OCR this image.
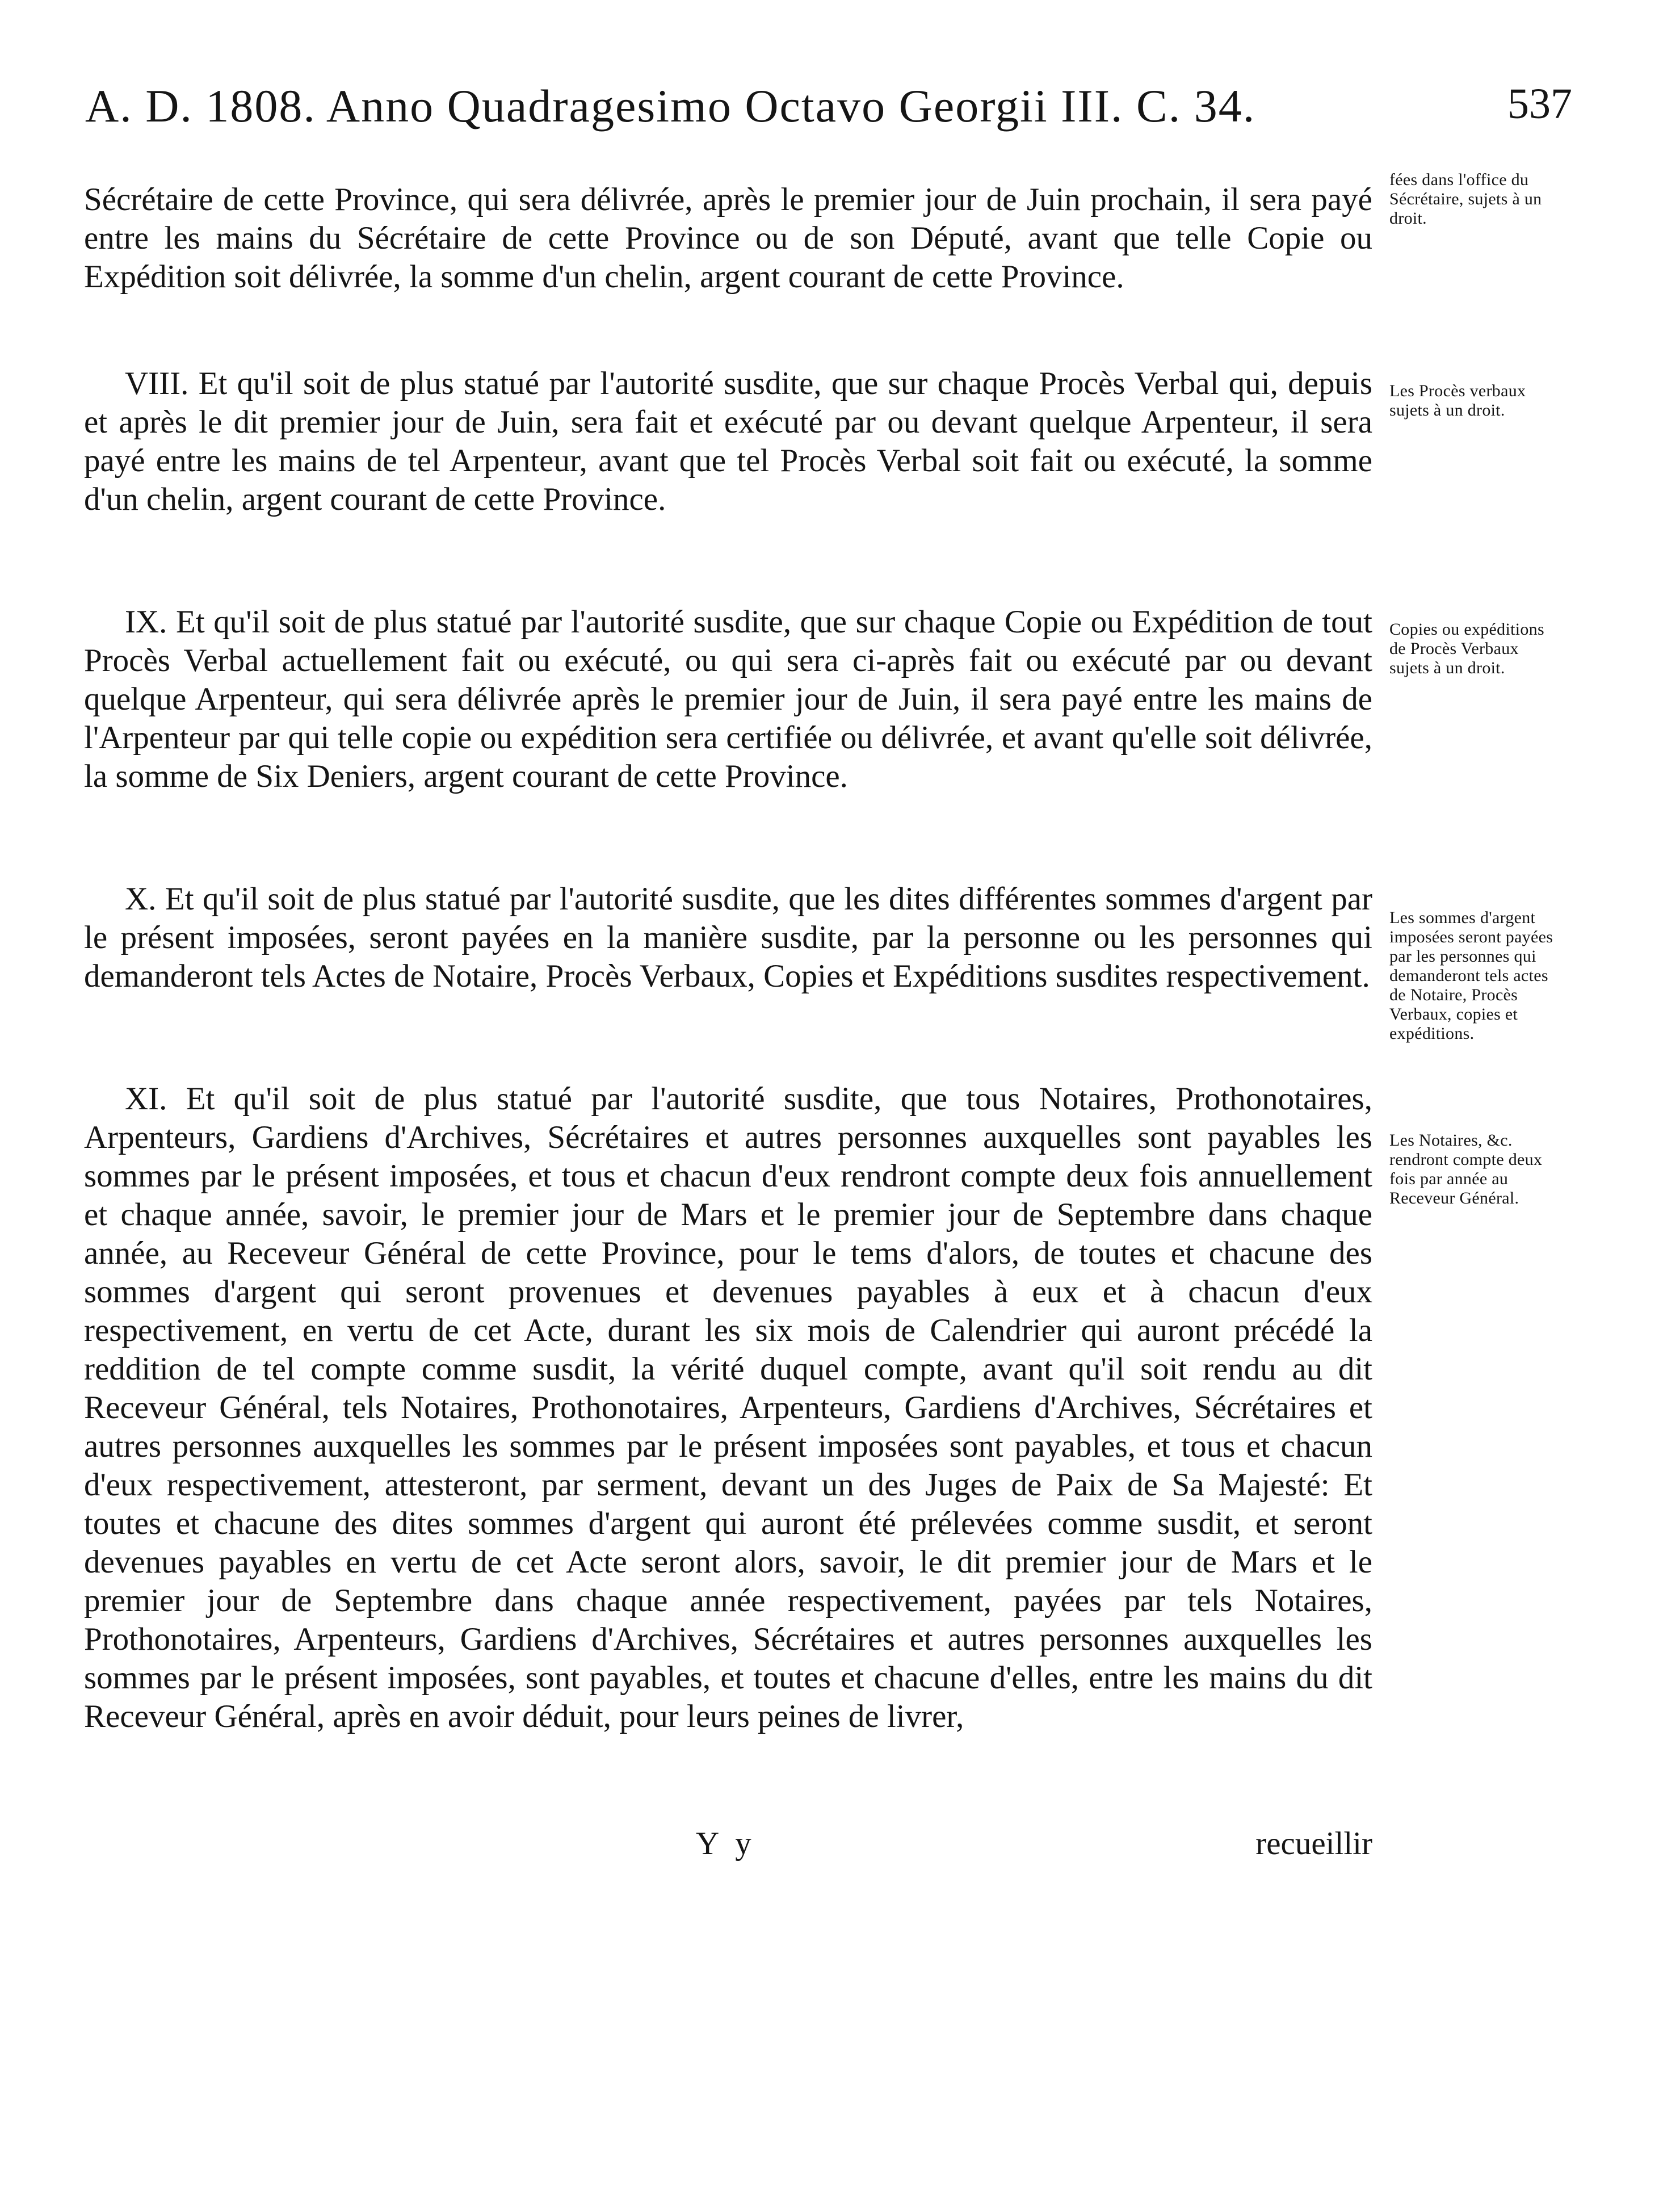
A. D. 1808. Anno Quadragesimo Octavo Georgii III. C. 34.	537

Sécrétaire de cette Province, qui sera délivrée, après le premier jour de Juin prochain, il sera payé entre les mains du Sécrétaire de cette Province ou de son Député, avant que telle Copie ou Expédition soit délivrée, la somme d'un chelin, argent courant de cette Province.

VIII. Et qu'il soit de plus statué par l'autorité susdite, que sur chaque Procès Verbal qui, depuis et après le dit premier jour de Juin, sera fait et exécuté par ou devant quelque Arpenteur, il sera payé entre les mains de tel Arpenteur, avant que tel Procès Verbal soit fait ou exécuté, la somme d'un chelin, argent courant de cette Province.

IX. Et qu'il soit de plus statué par l'autorité susdite, que sur chaque Copie ou Expédition de tout Procès Verbal actuellement fait ou exécuté, ou qui sera ci-après fait ou exécuté par ou devant quelque Arpenteur, qui sera délivrée après le premier jour de Juin, il sera payé entre les mains de l'Arpenteur par qui telle copie ou expédition sera certifiée ou délivrée, et avant qu'elle soit délivrée, la somme de Six Deniers, argent courant de cette Province.

X. Et qu'il soit de plus statué par l'autorité susdite, que les dites différentes sommes d'argent par le présent imposées, seront payées en la manière susdite, par la personne ou les personnes qui demanderont tels Actes de Notaire, Procès Verbaux, Copies et Expéditions susdites respectivement.

XI. Et qu'il soit de plus statué par l'autorité susdite, que tous Notaires, Prothonotaires, Arpenteurs, Gardiens d'Archives, Sécrétaires et autres personnes auxquelles sont payables les sommes par le présent imposées, et tous et chacun d'eux rendront compte deux fois annuellement et chaque année, savoir, le premier jour de Mars et le premier jour de Septembre dans chaque année, au Receveur Général de cette Province, pour le tems d'alors, de toutes et chacune des sommes d'argent qui seront provenues et devenues payables à eux et à chacun d'eux respectivement, en vertu de cet Acte, durant les six mois de Calendrier qui auront précédé la reddition de tel compte comme susdit, la vérité duquel compte, avant qu'il soit rendu au dit Receveur Général, tels Notaires, Prothonotaires, Arpenteurs, Gardiens d'Archives, Sécrétaires et autres personnes auxquelles les sommes par le présent imposées sont payables, et tous et chacun d'eux respectivement, attesteront, par serment, devant un des Juges de Paix de Sa Majesté: Et toutes et chacune des dites sommes d'argent qui auront été prélevées comme susdit, et seront devenues payables en vertu de cet Acte seront alors, savoir, le dit premier jour de Mars et le premier jour de Septembre dans chaque année respectivement, payées par tels Notaires, Prothonotaires, Arpenteurs, Gardiens d'Archives, Sécrétaires et autres personnes auxquelles les sommes par le présent imposées, sont payables, et toutes et chacune d'elles, entre les mains du dit Receveur Général, après en avoir déduit, pour leurs peines de livrer,

fées dans l'office du Sécrétaire, sujets à un droit.
Les Procès verbaux sujets à un droit.
Copies ou expéditions de Procès Verbaux sujets à un droit.
Les sommes d'argent imposées seront payées par les personnes qui demanderont tels actes de Notaire, Procès Verbaux, copies et expéditions.
Les Notaires, &c. rendront compte deux fois par année au Receveur Général.
Y y	recueillir
